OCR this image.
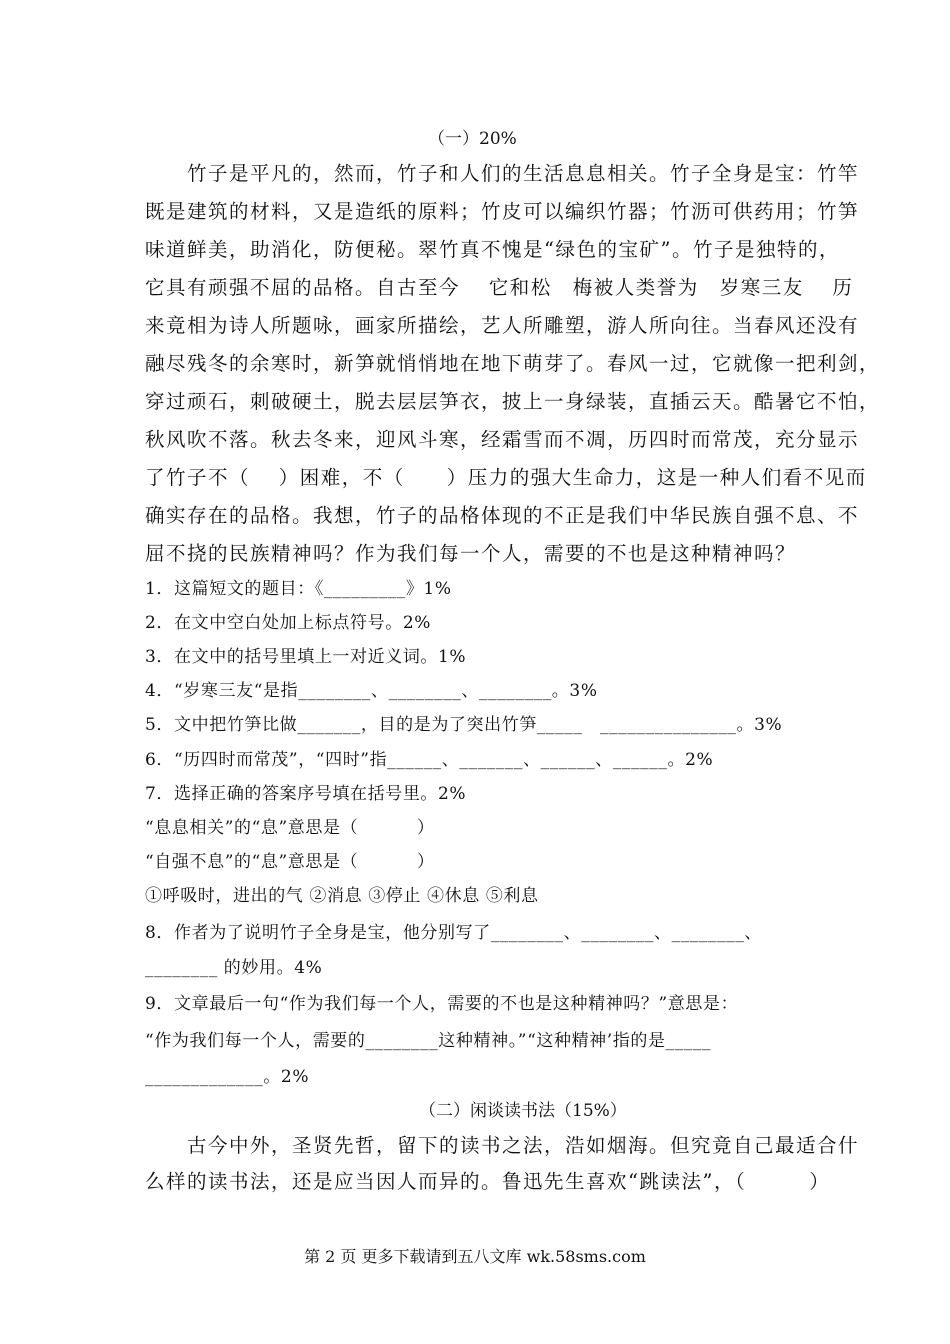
（一）20%
　　竹子是平凡的，然而，竹子和人们的生活息息相关。竹子全身是宝：竹竿
既是建筑的材料，又是造纸的原料；竹皮可以编织竹器；竹沥可供药用；竹笋
味道鲜美，助消化，防便秘。翠竹真不愧是“绿色的宝矿”。竹子是独特的，
它具有顽强不屈的品格。自古至今　 它和松　梅被人类誉为　岁寒三友　 历
来竟相为诗人所题咏，画家所描绘，艺人所雕塑，游人所向往。当春风还没有
融尽残冬的余寒时，新笋就悄悄地在地下萌芽了。春风一过，它就像一把利剑，
穿过顽石，刺破硬土，脱去层层笋衣，披上一身绿装，直插云天。酷暑它不怕，
秋风吹不落。秋去冬来，迎风斗寒，经霜雪而不凋，历四时而常茂，充分显示
了竹子不（　 ）困难，不（　　）压力的强大生命力，这是一种人们看不见而
确实存在的品格。我想，竹子的品格体现的不正是我们中华民族自强不息、不
屈不挠的民族精神吗？作为我们每一个人，需要的不也是这种精神吗？
1．这篇短文的题目：《_________》1%
2．在文中空白处加上标点符号。2%
3．在文中的括号里填上一对近义词。1%
4．“岁寒三友“是指________、________、________。3%
5．文中把竹笋比做_______，目的是为了突出竹笋_____　_______________。3%
6．“历四时而常茂”，“四时”指______、_______、______、______。2%
7．选择正确的答案序号填在括号里。2%
“息息相关”的“息”意思是（　　　 ）
“自强不息”的“息”意思是（　　　 ）
①呼吸时，进出的气 ②消息 ③停止 ④休息 ⑤利息
8．作者为了说明竹子全身是宝，他分别写了________、________、________、
________ 的妙用。4%
9．文章最后一句“作为我们每一个人，需要的不也是这种精神吗？”意思是：
“作为我们每一个人，需要的________这种精神。”“这种精神’指的是_____
_____________。2%
（二）闲谈读书法（15%）
　　古今中外，圣贤先哲，留下的读书之法，浩如烟海。但究竟自己最适合什
么样的读书法，还是应当因人而异的。鲁迅先生喜欢“跳读法”，（　　　）
第 2 页 更多下载请到五八文库 wk.58sms.com
